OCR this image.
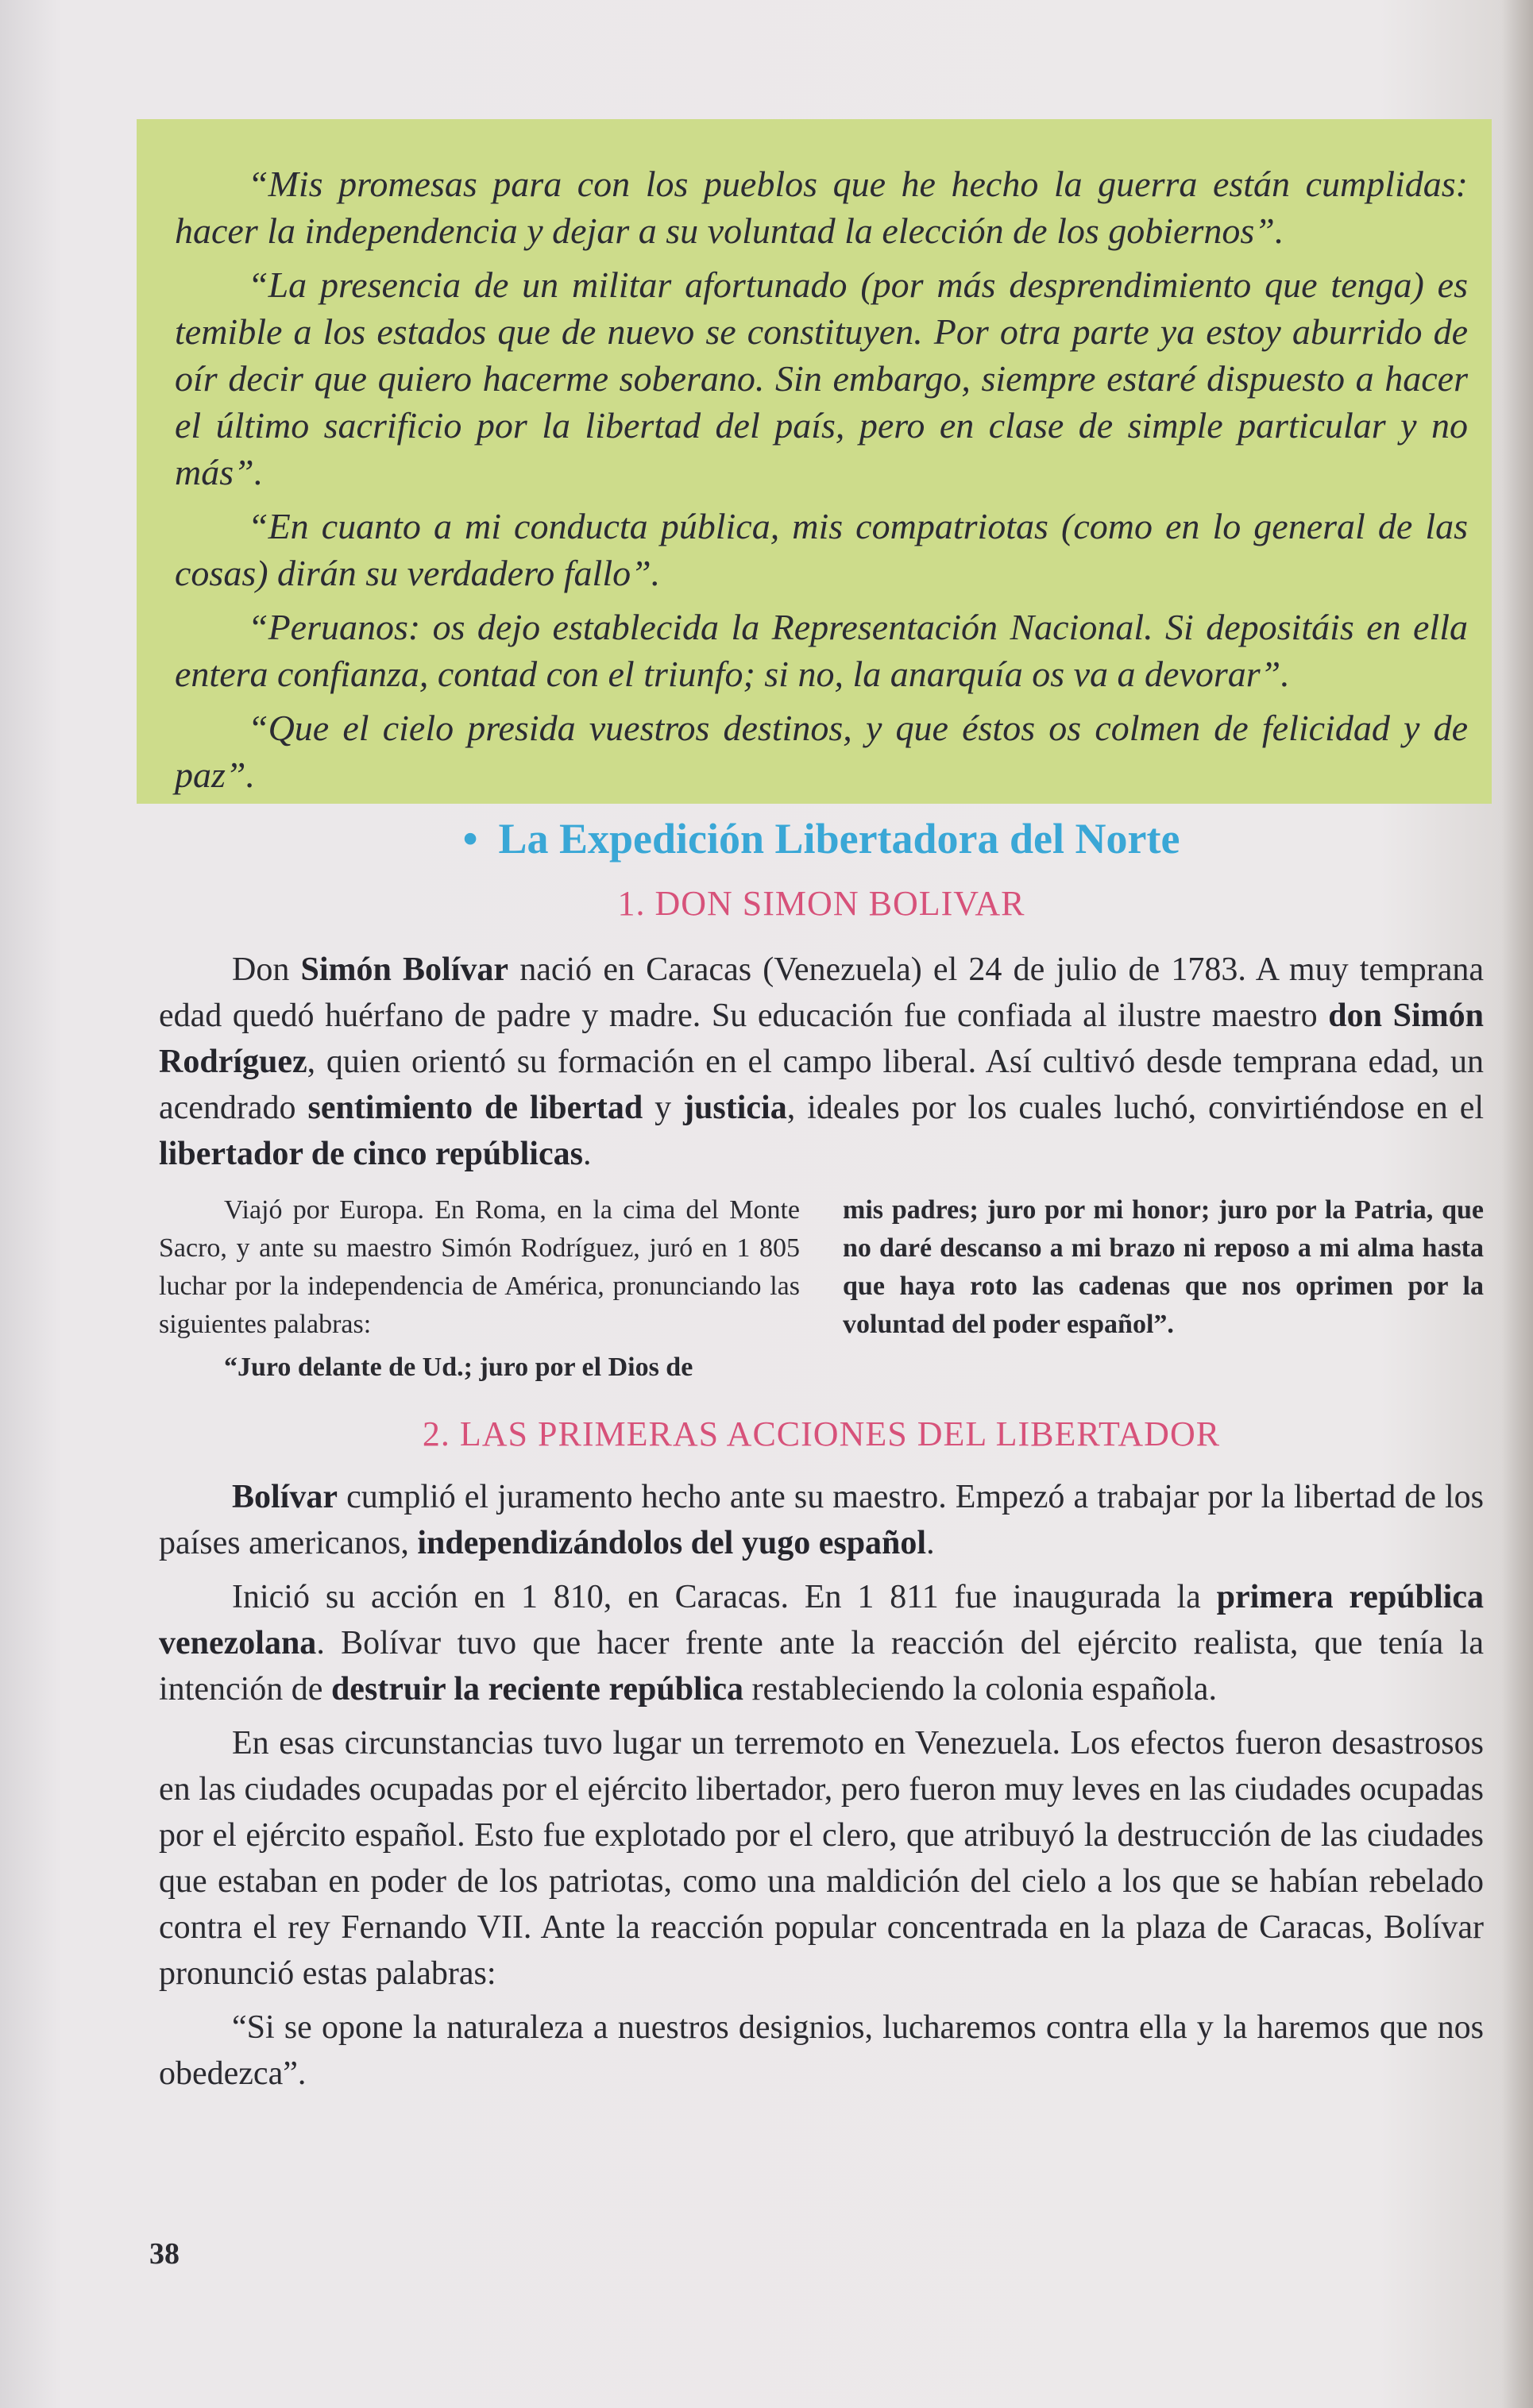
“Mis promesas para con los pueblos que he hecho la guerra están cumplidas: hacer la independencia y dejar a su voluntad la elección de los gobiernos”.

“La presencia de un militar afortunado (por más desprendimiento que tenga) es temible a los estados que de nuevo se constituyen. Por otra parte ya estoy aburrido de oír decir que quiero hacerme soberano. Sin embargo, siempre estaré dispuesto a hacer el último sacrificio por la libertad del país, pero en clase de simple particular y no más”.

“En cuanto a mi conducta pública, mis compatriotas (como en lo general de las cosas) dirán su verdadero fallo”.

“Peruanos: os dejo establecida la Representación Nacional. Si depositáis en ella entera confianza, contad con el triunfo; si no, la anarquía os va a devorar”.

“Que el cielo presida vuestros destinos, y que éstos os colmen de felicidad y de paz”.

• La Expedición Libertadora del Norte
1. DON SIMON BOLIVAR

Don Simón Bolívar nació en Caracas (Venezuela) el 24 de julio de 1783. A muy temprana edad quedó huérfano de padre y madre. Su educación fue confiada al ilustre maestro don Simón Rodríguez, quien orientó su formación en el campo liberal. Así cultivó desde temprana edad, un acendrado sentimiento de libertad y justicia, ideales por los cuales luchó, convirtiéndose en el libertador de cinco repúblicas.

Viajó por Europa. En Roma, en la cima del Monte Sacro, y ante su maestro Simón Rodríguez, juró en 1 805 luchar por la independencia de América, pronunciando las siguientes palabras:

“Juro delante de Ud.; juro por el Dios de

mis padres; juro por mi honor; juro por la Patria, que no daré descanso a mi brazo ni reposo a mi alma hasta que haya roto las cadenas que nos oprimen por la voluntad del poder español”.

2. LAS PRIMERAS ACCIONES DEL LIBERTADOR

Bolívar cumplió el juramento hecho ante su maestro. Empezó a trabajar por la libertad de los países americanos, independizándolos del yugo español.

Inició su acción en 1 810, en Caracas. En 1 811 fue inaugurada la primera república venezolana. Bolívar tuvo que hacer frente ante la reacción del ejército realista, que tenía la intención de destruir la reciente república restableciendo la colonia española.

En esas circunstancias tuvo lugar un terremoto en Venezuela. Los efectos fueron desastrosos en las ciudades ocupadas por el ejército libertador, pero fueron muy leves en las ciudades ocupadas por el ejército español. Esto fue explotado por el clero, que atribuyó la destrucción de las ciudades que estaban en poder de los patriotas, como una maldición del cielo a los que se habían rebelado contra el rey Fernando VII. Ante la reacción popular concentrada en la plaza de Caracas, Bolívar pronunció estas palabras:

“Si se opone la naturaleza a nuestros designios, lucharemos contra ella y la haremos que nos obedezca”.

38
